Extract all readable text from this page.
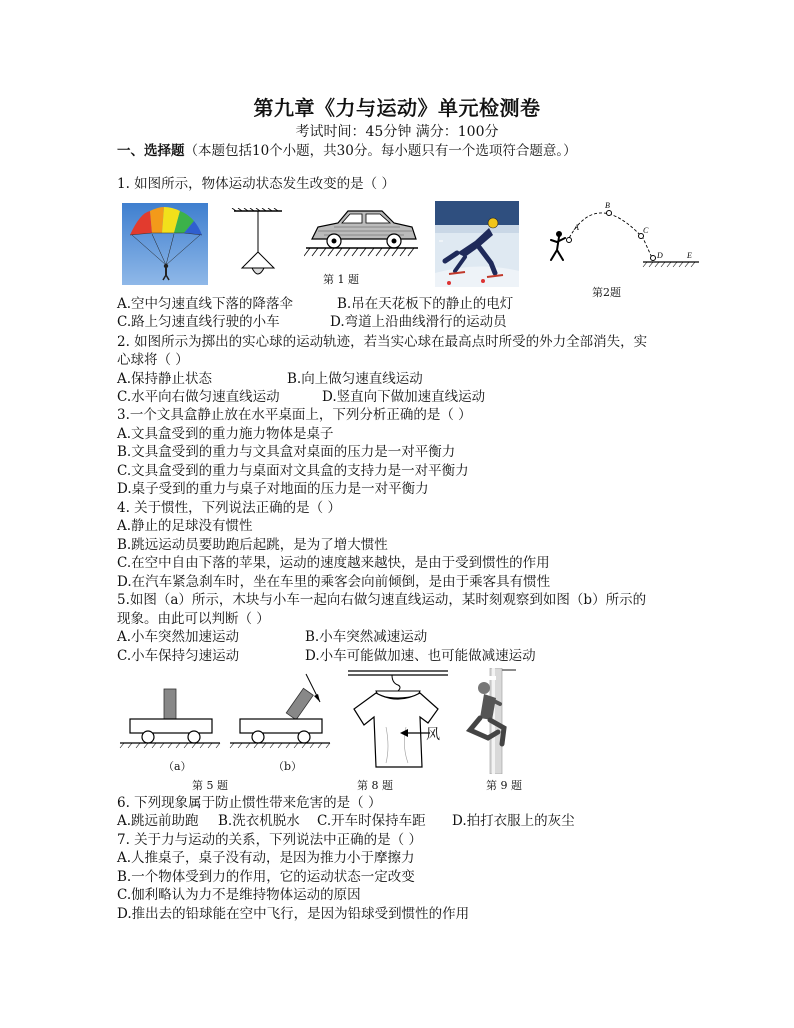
第九章《力与运动》单元检测卷
考试时间：45分钟 满分：100分
一、选择题（本题包括10个小题，共30分。每小题只有一个选项符合题意。）
1. 如图所示，物体运动状态发生改变的是（ ）
A
B
C
D	E
第 1 题
第2题
A.空中匀速直线下落的降落伞	B.吊在天花板下的静止的电灯
C.路上匀速直线行驶的小车	D.弯道上沿曲线滑行的运动员
2. 如图所示为掷出的实心球的运动轨迹，若当实心球在最高点时所受的外力全部消失，实
心球将（ ）
A.保持静止状态	B.向上做匀速直线运动
C.水平向右做匀速直线运动	D.竖直向下做加速直线运动
3.一个文具盒静止放在水平桌面上，下列分析正确的是（ ）
A.文具盒受到的重力施力物体是桌子
B.文具盒受到的重力与文具盒对桌面的压力是一对平衡力
C.文具盒受到的重力与桌面对文具盒的支持力是一对平衡力
D.桌子受到的重力与桌子对地面的压力是一对平衡力
4. 关于惯性，下列说法正确的是（ ）
A.静止的足球没有惯性
B.跳远运动员要助跑后起跳，是为了增大惯性
C.在空中自由下落的苹果，运动的速度越来越快，是由于受到惯性的作用
D.在汽车紧急刹车时，坐在车里的乘客会向前倾倒，是由于乘客具有惯性
5.如图（a）所示，木块与小车一起向右做匀速直线运动，某时刻观察到如图（b）所示的
现象。由此可以判断（ ）
A.小车突然加速运动	B.小车突然减速运动
C.小车保持匀速运动	D.小车可能做加速、也可能做减速运动
风
（a）	（b）
第 5 题	第 8 题	第 9 题
6. 下列现象属于防止惯性带来危害的是（ ）
A.跳远前助跑 B.洗衣机脱水 C.开车时保持车距 D.拍打衣服上的灰尘
7. 关于力与运动的关系，下列说法中正确的是（ ）
A.人推桌子，桌子没有动，是因为推力小于摩擦力
B.一个物体受到力的作用，它的运动状态一定改变
C.伽利略认为力不是维持物体运动的原因
D.推出去的铅球能在空中飞行，是因为铅球受到惯性的作用
